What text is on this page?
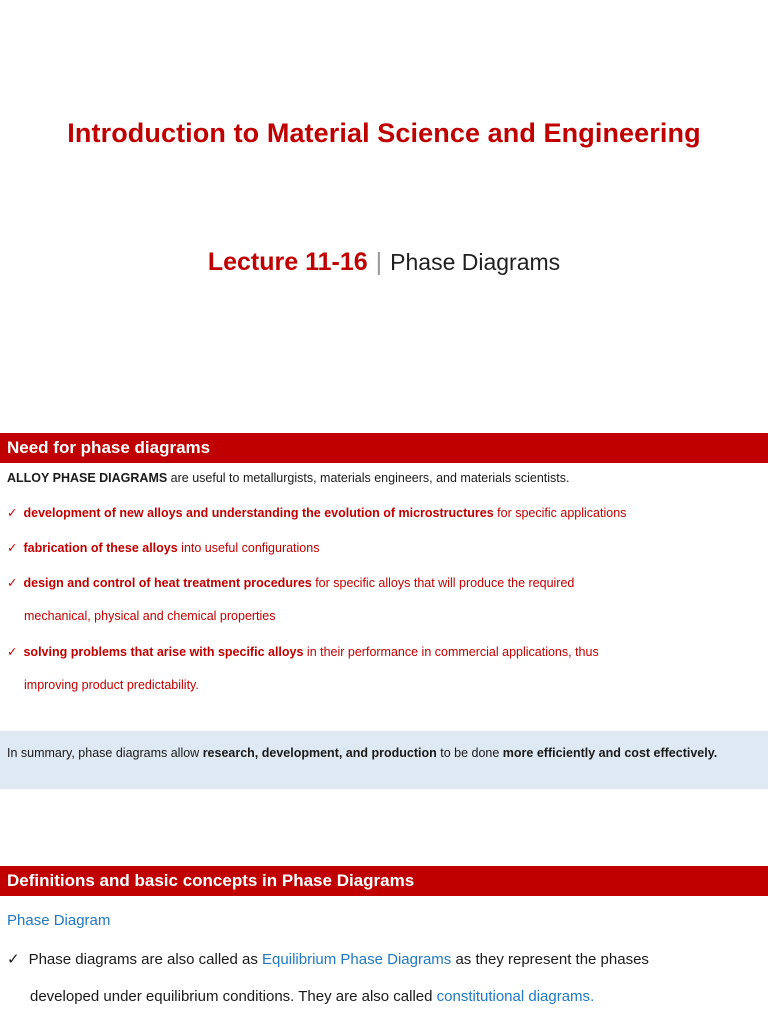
Introduction to Material Science and Engineering
Lecture 11-16 | Phase Diagrams
Need for phase diagrams
ALLOY PHASE DIAGRAMS are useful to metallurgists, materials engineers, and materials scientists.
✓ development of new alloys and understanding the evolution of microstructures for specific applications
✓ fabrication of these alloys into useful configurations
✓ design and control of heat treatment procedures for specific alloys that will produce the required
mechanical, physical and chemical properties
✓ solving problems that arise with specific alloys in their performance in commercial applications, thus
improving product predictability.
In summary, phase diagrams allow research, development, and production to be done more efficiently and cost effectively.
Definitions and basic concepts in Phase Diagrams
Phase Diagram
✓ Phase diagrams are also called as Equilibrium Phase Diagrams as they represent the phases
developed under equilibrium conditions. They are also called constitutional diagrams.
